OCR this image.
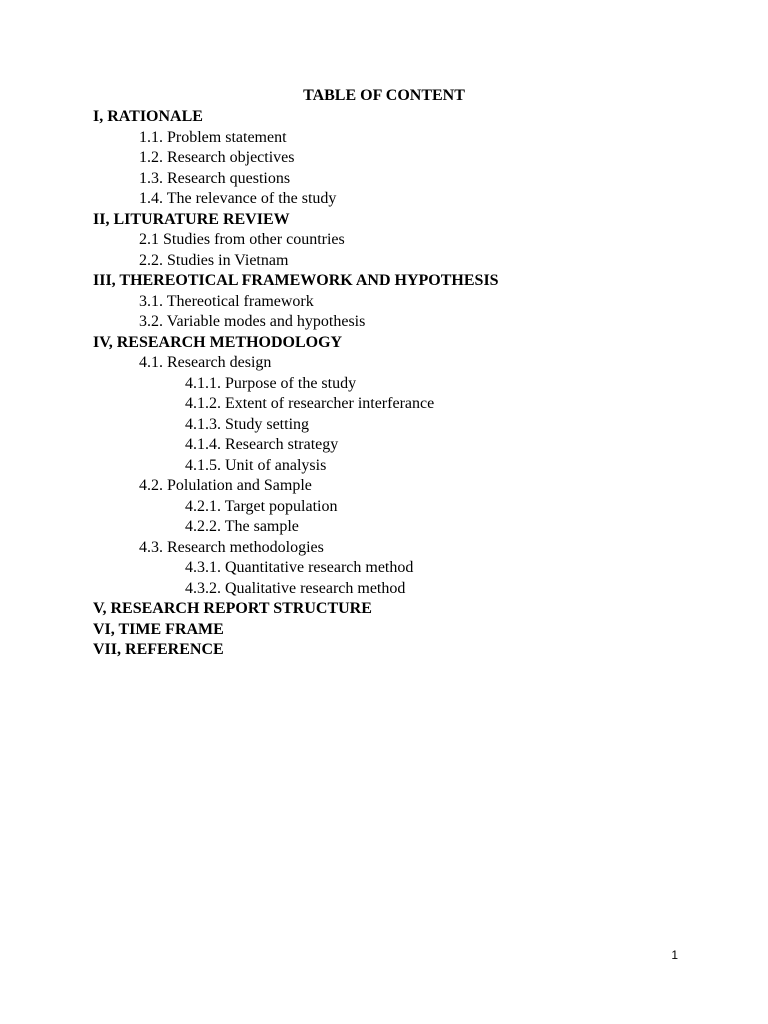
TABLE OF CONTENT
I, RATIONALE
1.1. Problem statement
1.2. Research objectives
1.3. Research questions
1.4. The relevance of the study
II, LITURATURE REVIEW
2.1 Studies from other countries
2.2. Studies in Vietnam
III, THEREOTICAL FRAMEWORK AND HYPOTHESIS
3.1. Thereotical framework
3.2. Variable modes and hypothesis
IV, RESEARCH METHODOLOGY
4.1. Research design
4.1.1. Purpose of the study
4.1.2. Extent of researcher interferance
4.1.3. Study setting
4.1.4. Research strategy
4.1.5. Unit of analysis
4.2. Polulation and Sample
4.2.1. Target population
4.2.2. The sample
4.3. Research methodologies
4.3.1. Quantitative research method
4.3.2. Qualitative research method
V, RESEARCH REPORT STRUCTURE
VI, TIME FRAME
VII, REFERENCE
1
